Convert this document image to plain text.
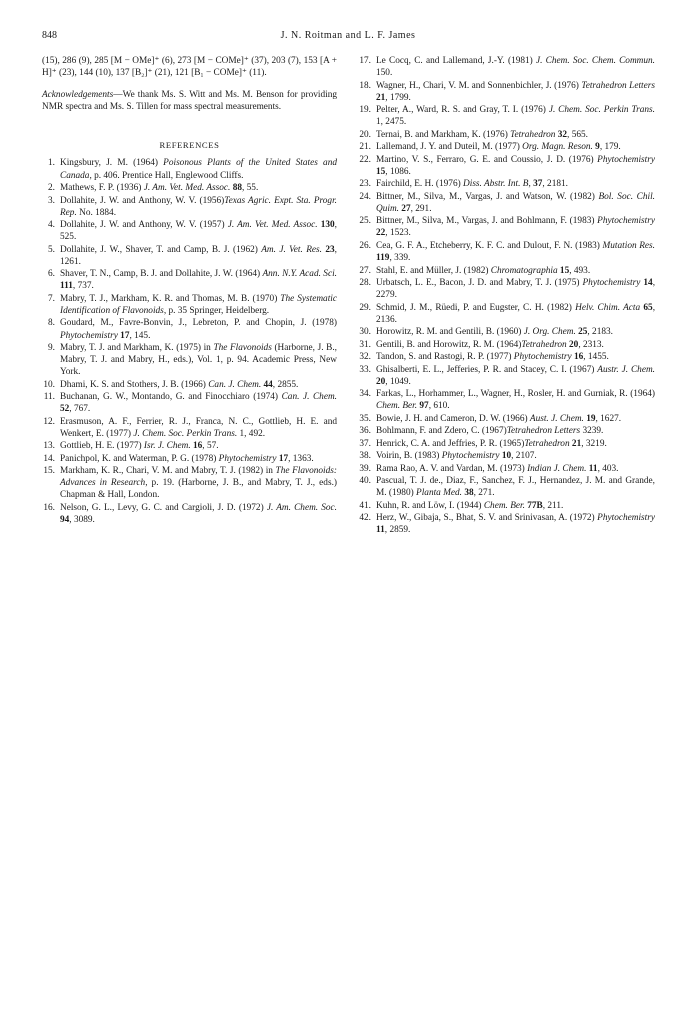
848	J. N. Roitman and L. F. James

(15), 286 (9), 285 [M − OMe]⁺ (6), 273 [M − COMe]⁺ (37), 203 (7), 153 [A + H]⁺ (23), 144 (10), 137 [B₂]⁺ (21), 121 [B₁ − COMe]⁺ (11).

Acknowledgements—We thank Ms. S. Witt and Ms. M. Benson for providing NMR spectra and Ms. S. Tillen for mass spectral measurements.

REFERENCES
1. Kingsbury, J. M. (1964) Poisonous Plants of the United States and Canada, p. 406. Prentice Hall, Englewood Cliffs.
2. Mathews, F. P. (1936) J. Am. Vet. Med. Assoc. 88, 55.
3. Dollahite, J. W. and Anthony, W. V. (1956)Texas Agric. Expt. Sta. Progr. Rep. No. 1884.
4. Dollahite, J. W. and Anthony, W. V. (1957) J. Am. Vet. Med. Assoc. 130, 525.
5. Dollahite, J. W., Shaver, T. and Camp, B. J. (1962) Am. J. Vet. Res. 23, 1261.
6. Shaver, T. N., Camp, B. J. and Dollahite, J. W. (1964) Ann. N.Y. Acad. Sci. 111, 737.
7. Mabry, T. J., Markham, K. R. and Thomas, M. B. (1970) The Systematic Identification of Flavonoids, p. 35 Springer, Heidelberg.
8. Goudard, M., Favre-Bonvin, J., Lebreton, P. and Chopin, J. (1978) Phytochemistry 17, 145.
9. Mabry, T. J. and Markham, K. (1975) in The Flavonoids (Harborne, J. B., Mabry, T. J. and Mabry, H., eds.), Vol. 1, p. 94. Academic Press, New York.
10. Dhami, K. S. and Stothers, J. B. (1966) Can. J. Chem. 44, 2855.
11. Buchanan, G. W., Montando, G. and Finocchiaro (1974) Can. J. Chem. 52, 767.
12. Erasmuson, A. F., Ferrier, R. J., Franca, N. C., Gottlieb, H. E. and Wenkert, E. (1977) J. Chem. Soc. Perkin Trans. 1, 492.
13. Gottlieb, H. E. (1977) Isr. J. Chem. 16, 57.
14. Panichpol, K. and Waterman, P. G. (1978) Phytochemistry 17, 1363.
15. Markham, K. R., Chari, V. M. and Mabry, T. J. (1982) in The Flavonoids: Advances in Research, p. 19. (Harborne, J. B., and Mabry, T. J., eds.) Chapman & Hall, London.
16. Nelson, G. L., Levy, G. C. and Cargioli, J. D. (1972) J. Am. Chem. Soc. 94, 3089.
17. Le Cocq, C. and Lallemand, J.-Y. (1981) J. Chem. Soc. Chem. Commun. 150.
18. Wagner, H., Chari, V. M. and Sonnenbichler, J. (1976) Tetrahedron Letters 21, 1799.
19. Pelter, A., Ward, R. S. and Gray, T. I. (1976) J. Chem. Soc. Perkin Trans. 1, 2475.
20. Ternai, B. and Markham, K. (1976) Tetrahedron 32, 565.
21. Lallemand, J. Y. and Duteil, M. (1977) Org. Magn. Reson. 9, 179.
22. Martino, V. S., Ferraro, G. E. and Coussio, J. D. (1976) Phytochemistry 15, 1086.
23. Fairchild, E. H. (1976) Diss. Abstr. Int. B, 37, 2181.
24. Bittner, M., Silva, M., Vargas, J. and Watson, W. (1982) Bol. Soc. Chil. Quim. 27, 291.
25. Bittner, M., Silva, M., Vargas, J. and Bohlmann, F. (1983) Phytochemistry 22, 1523.
26. Cea, G. F. A., Etcheberry, K. F. C. and Dulout, F. N. (1983) Mutation Res. 119, 339.
27. Stahl, E. and Müller, J. (1982) Chromatographia 15, 493.
28. Urbatsch, L. E., Bacon, J. D. and Mabry, T. J. (1975) Phytochemistry 14, 2279.
29. Schmid, J. M., Rüedi, P. and Eugster, C. H. (1982) Helv. Chim. Acta 65, 2136.
30. Horowitz, R. M. and Gentili, B. (1960) J. Org. Chem. 25, 2183.
31. Gentili, B. and Horowitz, R. M. (1964)Tetrahedron 20, 2313.
32. Tandon, S. and Rastogi, R. P. (1977) Phytochemistry 16, 1455.
33. Ghisalberti, E. L., Jefferies, P. R. and Stacey, C. I. (1967) Austr. J. Chem. 20, 1049.
34. Farkas, L., Horhammer, L., Wagner, H., Rosler, H. and Gurniak, R. (1964) Chem. Ber. 97, 610.
35. Bowie, J. H. and Cameron, D. W. (1966) Aust. J. Chem. 19, 1627.
36. Bohlmann, F. and Zdero, C. (1967)Tetrahedron Letters 3239.
37. Henrick, C. A. and Jeffries, P. R. (1965)Tetrahedron 21, 3219.
38. Voirin, B. (1983) Phytochemistry 10, 2107.
39. Rama Rao, A. V. and Vardan, M. (1973) Indian J. Chem. 11, 403.
40. Pascual, T. J. de., Diaz, F., Sanchez, F. J., Hernandez, J. M. and Grande, M. (1980) Planta Med. 38, 271.
41. Kuhn, R. and Löw, I. (1944) Chem. Ber. 77B, 211.
42. Herz, W., Gibaja, S., Bhat, S. V. and Srinivasan, A. (1972) Phytochemistry 11, 2859.
